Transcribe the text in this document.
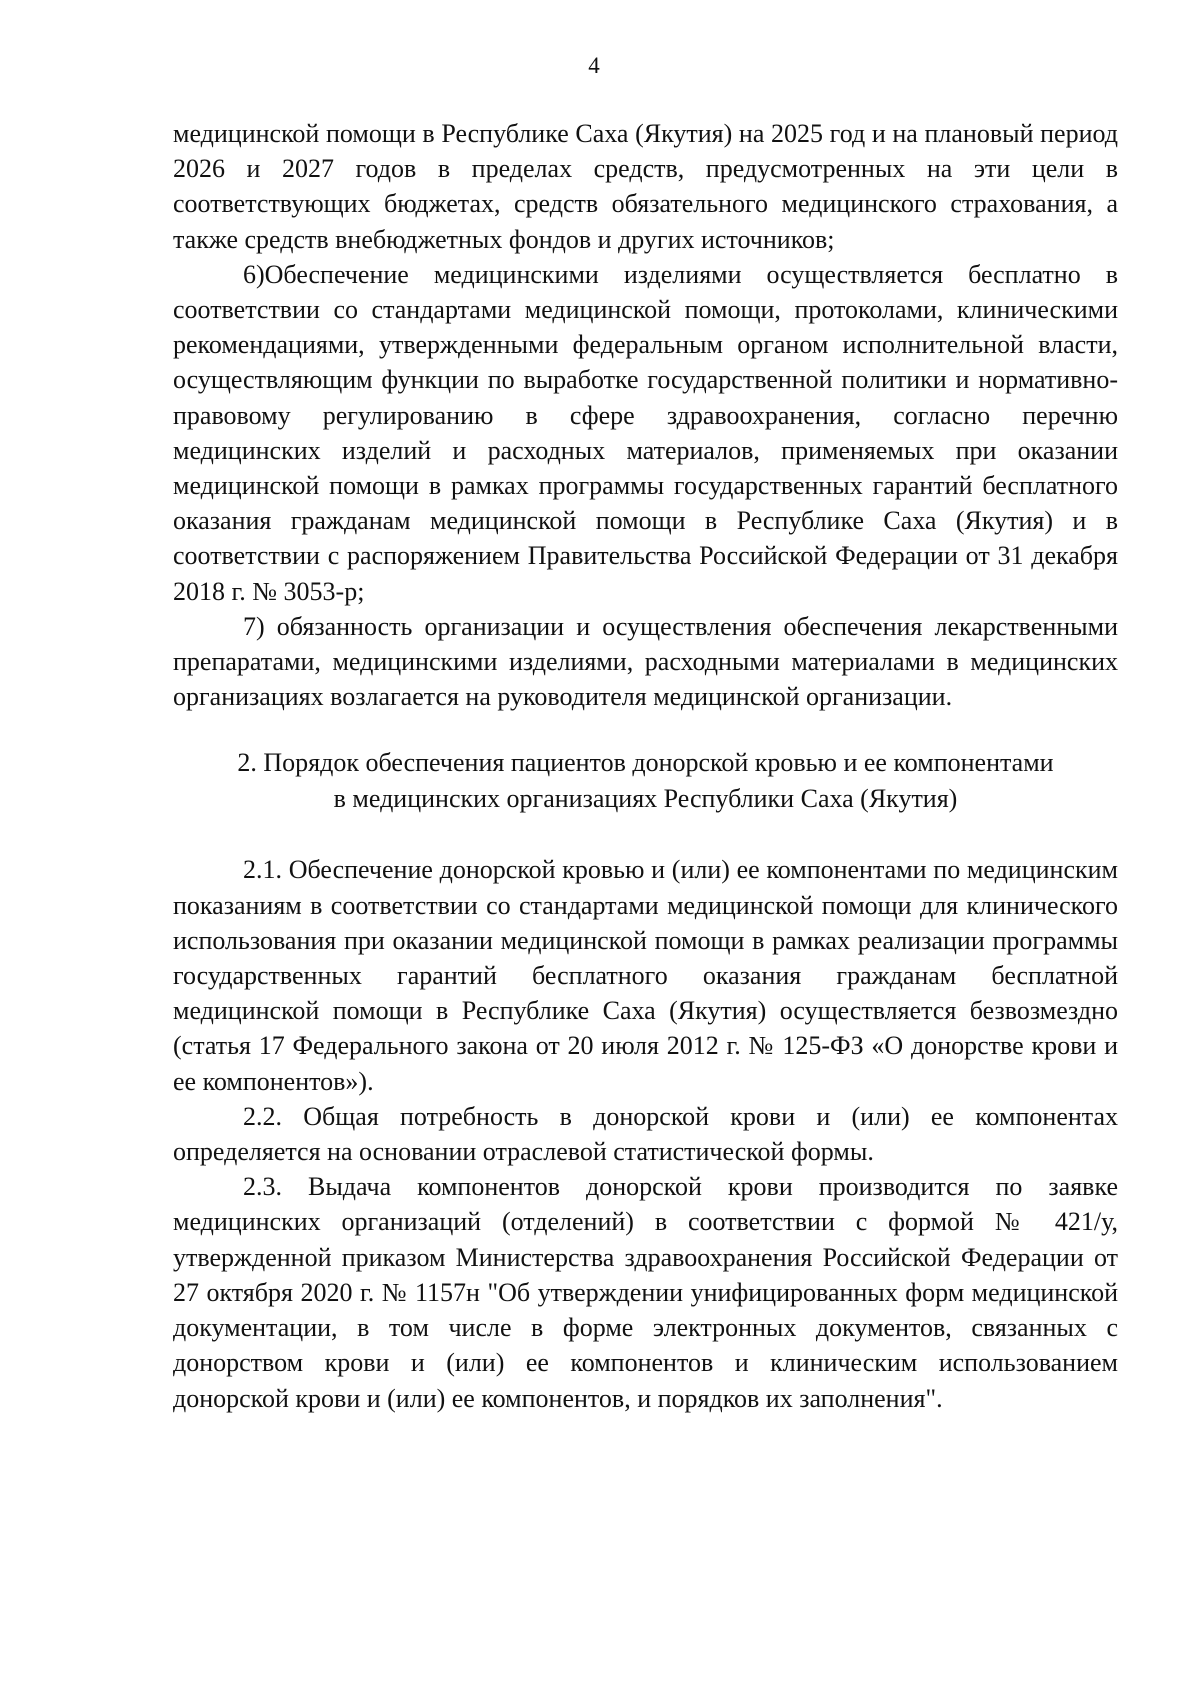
4

медицинской помощи в Республике Саха (Якутия) на 2025 год и на плановый период 2026 и 2027 годов в пределах средств, предусмотренных на эти цели в соответствующих бюджетах, средств обязательного медицинского страхования, а также средств внебюджетных фондов и других источников;

6)Обеспечение медицинскими изделиями осуществляется бесплатно в соответствии со стандартами медицинской помощи, протоколами, клиническими рекомендациями, утвержденными федеральным органом исполнительной власти, осуществляющим функции по выработке государственной политики и нормативно-правовому регулированию в сфере здравоохранения, согласно перечню медицинских изделий и расходных материалов, применяемых при оказании медицинской помощи в рамках программы государственных гарантий бесплатного оказания гражданам медицинской помощи в Республике Саха (Якутия) и в соответствии с распоряжением Правительства Российской Федерации от 31 декабря 2018 г. № 3053-р;

7) обязанность организации и осуществления обеспечения лекарственными препаратами, медицинскими изделиями, расходными материалами в медицинских организациях возлагается на руководителя медицинской организации.

2. Порядок обеспечения пациентов донорской кровью и ее компонентами
в медицинских организациях Республики Саха (Якутия)

2.1. Обеспечение донорской кровью и (или) ее компонентами по медицинским показаниям в соответствии со стандартами медицинской помощи для клинического использования при оказании медицинской помощи в рамках реализации программы государственных гарантий бесплатного оказания гражданам бесплатной медицинской помощи в Республике Саха (Якутия) осуществляется безвозмездно (статья 17 Федерального закона от 20 июля 2012 г. № 125-ФЗ «О донорстве крови и ее компонентов»).

2.2. Общая потребность в донорской крови и (или) ее компонентах определяется на основании отраслевой статистической формы.

2.3. Выдача компонентов донорской крови производится по заявке медицинских организаций (отделений) в соответствии с формой № 421/у, утвержденной приказом Министерства здравоохранения Российской Федерации от 27 октября 2020 г. № 1157н "Об утверждении унифицированных форм медицинской документации, в том числе в форме электронных документов, связанных с донорством крови и (или) ее компонентов и клиническим использованием донорской крови и (или) ее компонентов, и порядков их заполнения".
